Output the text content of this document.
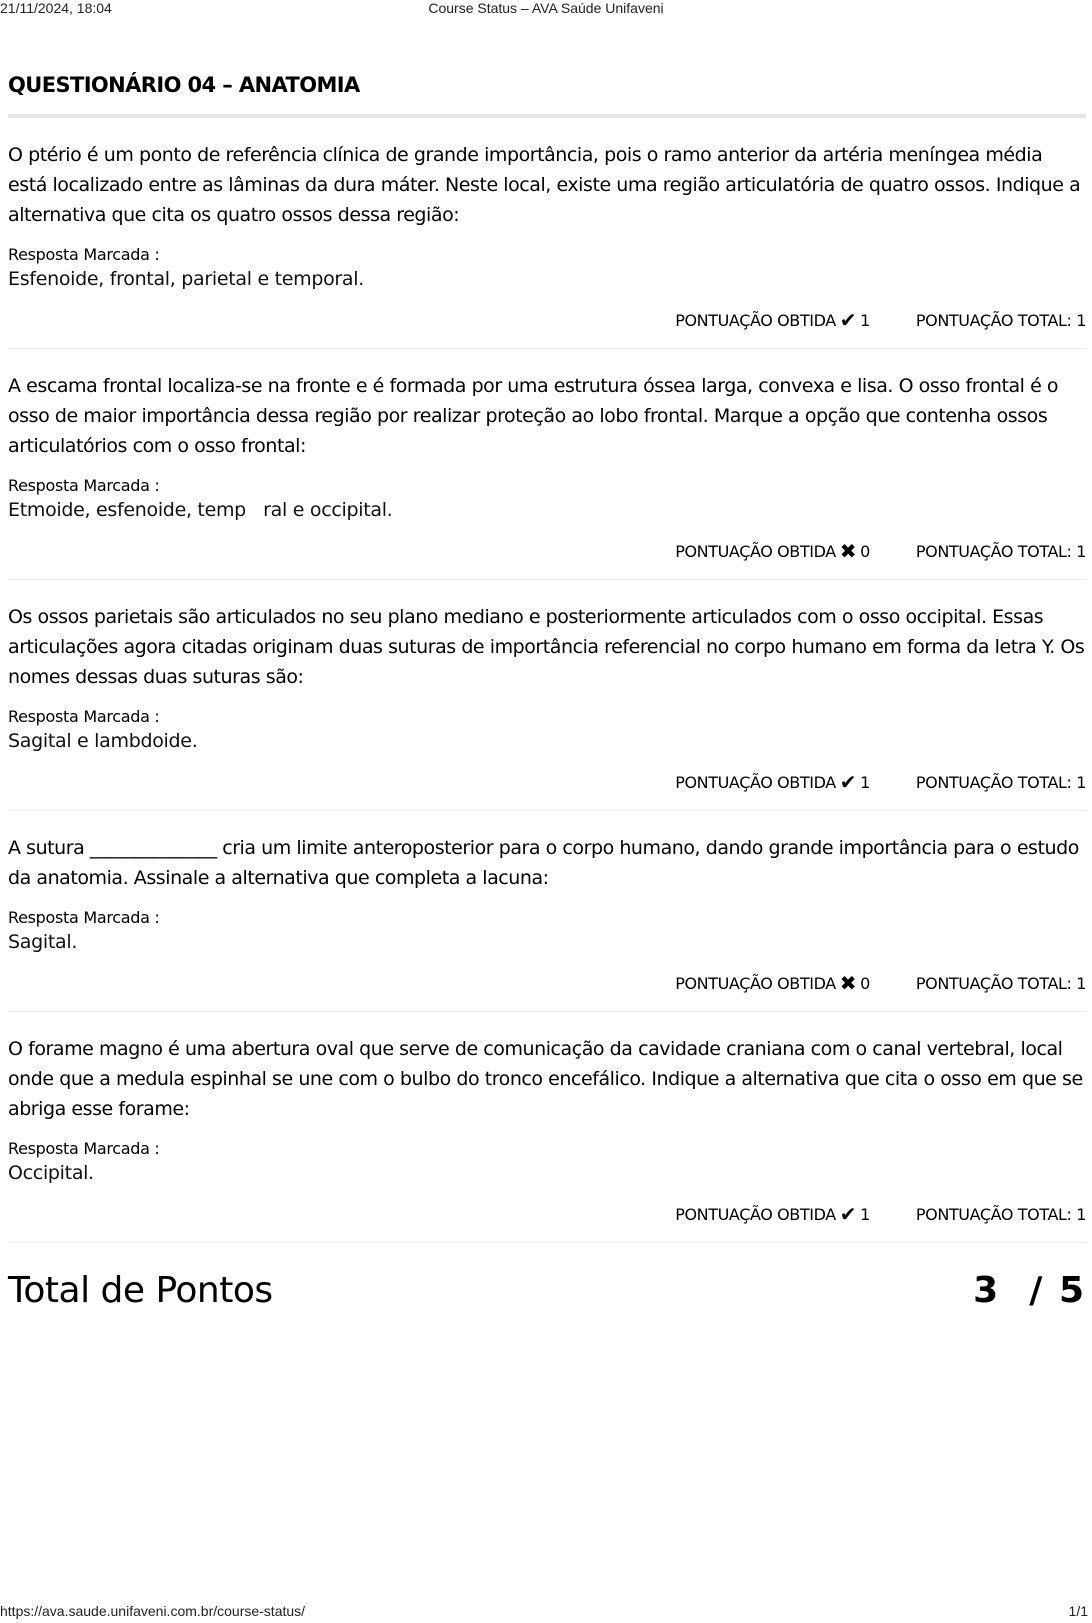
21/11/2024, 18:04	Course Status – AVA Saúde Unifaveni
QUESTIONÁRIO 04 – ANATOMIA

O ptério é um ponto de referência clínica de grande importância, pois o ramo anterior da artéria meníngea média está localizado entre as lâminas da dura máter. Neste local, existe uma região articulatória de quatro ossos. Indique a alternativa que cita os quatro ossos dessa região:

Resposta Marcada :
Esfenoide, frontal, parietal e temporal.
PONTUAÇÃO OBTIDA ✔ 1	PONTUAÇÃO TOTAL: 1

A escama frontal localiza-se na fronte e é formada por uma estrutura óssea larga, convexa e lisa. O osso frontal é o osso de maior importância dessa região por realizar proteção ao lobo frontal. Marque a opção que contenha ossos articulatórios com o osso frontal:

Resposta Marcada :
Etmoide, esfenoide, temp   ral e occipital.
PONTUAÇÃO OBTIDA ✖ 0	PONTUAÇÃO TOTAL: 1

Os ossos parietais são articulados no seu plano mediano e posteriormente articulados com o osso occipital. Essas articulações agora citadas originam duas suturas de importância referencial no corpo humano em forma da letra Y. Os nomes dessas duas suturas são:

Resposta Marcada :
Sagital e lambdoide.
PONTUAÇÃO OBTIDA ✔ 1	PONTUAÇÃO TOTAL: 1

A sutura ______________ cria um limite anteroposterior para o corpo humano, dando grande importância para o estudo da anatomia. Assinale a alternativa que completa a lacuna:

Resposta Marcada :
Sagital.
PONTUAÇÃO OBTIDA ✖ 0	PONTUAÇÃO TOTAL: 1

O forame magno é uma abertura oval que serve de comunicação da cavidade craniana com o canal vertebral, local onde que a medula espinhal se une com o bulbo do tronco encefálico. Indique a alternativa que cita o osso em que se abriga esse forame:

Resposta Marcada :
Occipital.
PONTUAÇÃO OBTIDA ✔ 1	PONTUAÇÃO TOTAL: 1
Total de Pontos	3  / 5
https://ava.saude.unifaveni.com.br/course-status/	1/1
